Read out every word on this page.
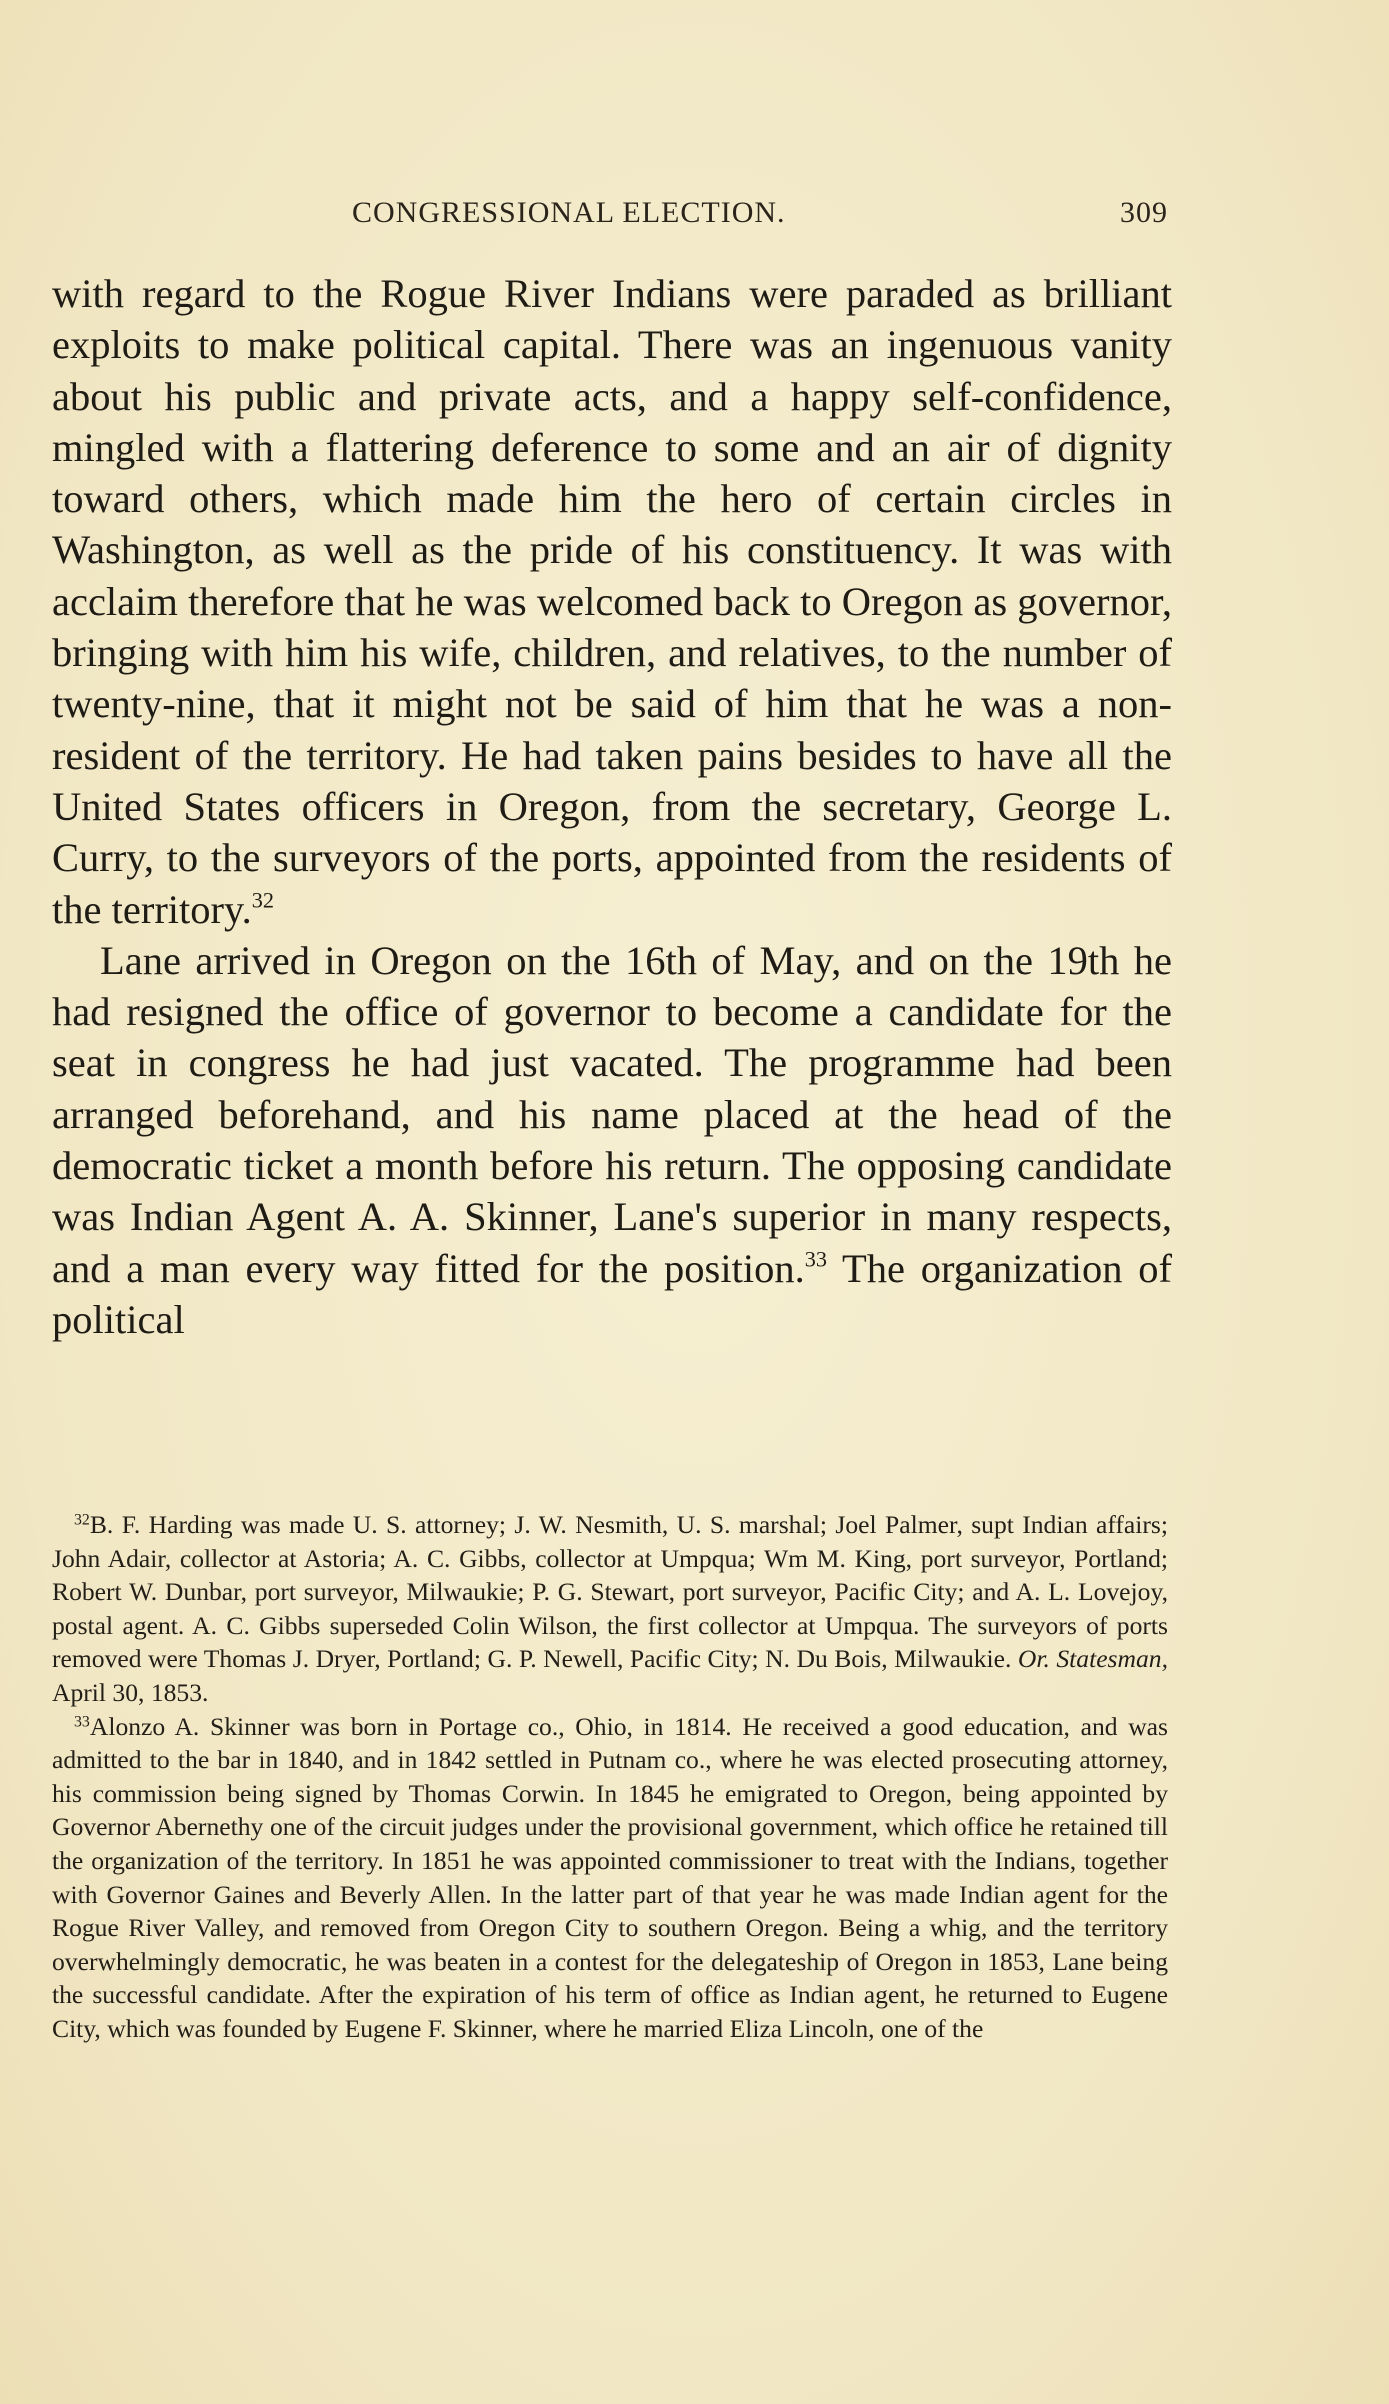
CONGRESSIONAL ELECTION.	309

with regard to the Rogue River Indians were paraded as brilliant exploits to make political capital. There was an ingenuous vanity about his public and private acts, and a happy self-confidence, mingled with a flattering deference to some and an air of dignity toward others, which made him the hero of certain circles in Washington, as well as the pride of his constituency. It was with acclaim therefore that he was welcomed back to Oregon as governor, bringing with him his wife, children, and relatives, to the number of twenty-nine, that it might not be said of him that he was a non-resident of the territory. He had taken pains besides to have all the United States officers in Oregon, from the secretary, George L. Curry, to the surveyors of the ports, appointed from the residents of the territory.$^{32}$

Lane arrived in Oregon on the 16th of May, and on the 19th he had resigned the office of governor to become a candidate for the seat in congress he had just vacated. The programme had been arranged beforehand, and his name placed at the head of the democratic ticket a month before his return. The opposing candidate was Indian Agent A. A. Skinner, Lane's superior in many respects, and a man every way fitted for the position.$^{33}$ The organization of political

$^{32}$B. F. Harding was made U. S. attorney; J. W. Nesmith, U. S. marshal; Joel Palmer, supt Indian affairs; John Adair, collector at Astoria; A. C. Gibbs, collector at Umpqua; Wm M. King, port surveyor, Portland; Robert W. Dunbar, port surveyor, Milwaukie; P. G. Stewart, port surveyor, Pacific City; and A. L. Lovejoy, postal agent. A. C. Gibbs superseded Colin Wilson, the first collector at Umpqua. The surveyors of ports removed were Thomas J. Dryer, Portland; G. P. Newell, Pacific City; N. Du Bois, Milwaukie. Or. Statesman, April 30, 1853.

$^{33}$Alonzo A. Skinner was born in Portage co., Ohio, in 1814. He received a good education, and was admitted to the bar in 1840, and in 1842 settled in Putnam co., where he was elected prosecuting attorney, his commission being signed by Thomas Corwin. In 1845 he emigrated to Oregon, being appointed by Governor Abernethy one of the circuit judges under the provisional government, which office he retained till the organization of the territory. In 1851 he was appointed commissioner to treat with the Indians, together with Governor Gaines and Beverly Allen. In the latter part of that year he was made Indian agent for the Rogue River Valley, and removed from Oregon City to southern Oregon. Being a whig, and the territory overwhelmingly democratic, he was beaten in a contest for the delegateship of Oregon in 1853, Lane being the successful candidate. After the expiration of his term of office as Indian agent, he returned to Eugene City, which was founded by Eugene F. Skinner, where he married Eliza Lincoln, one of the
